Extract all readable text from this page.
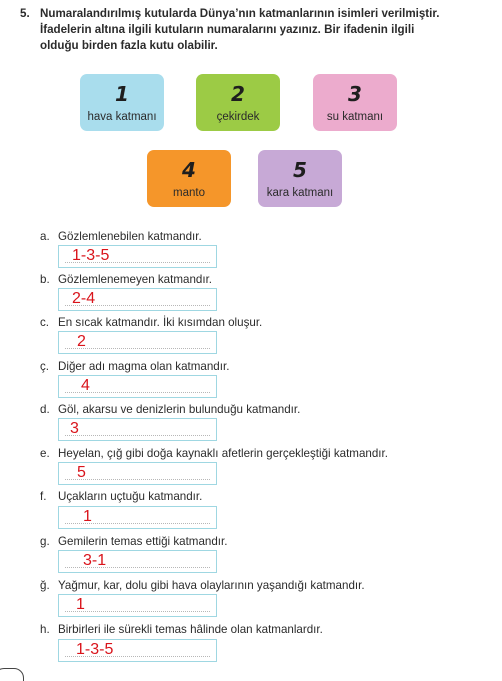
5. Numaralandırılmış kutularda Dünya’nın katmanlarının isimleri verilmiştir.
İfadelerin altına ilgili kutuların numaralarını yazınız. Bir ifadenin ilgili
olduğu birden fazla kutu olabilir.
1
hava katmanı
2
çekirdek
3
su katmanı
4
manto
5
kara katmanı
a. Gözlemlenebilen katmandır.
1-3-5
b. Gözlemlenemeyen katmandır.
2-4
c. En sıcak katmandır. İki kısımdan oluşur.
2
ç. Diğer adı magma olan katmandır.
4
d. Göl, akarsu ve denizlerin bulunduğu katmandır.
3
e. Heyelan, çığ gibi doğa kaynaklı afetlerin gerçekleştiği katmandır.
5
f. Uçakların uçtuğu katmandır.
1
g. Gemilerin temas ettiği katmandır.
3-1
ğ. Yağmur, kar, dolu gibi hava olaylarının yaşandığı katmandır.
1
h. Birbirleri ile sürekli temas hâlinde olan katmanlardır.
1-3-5
